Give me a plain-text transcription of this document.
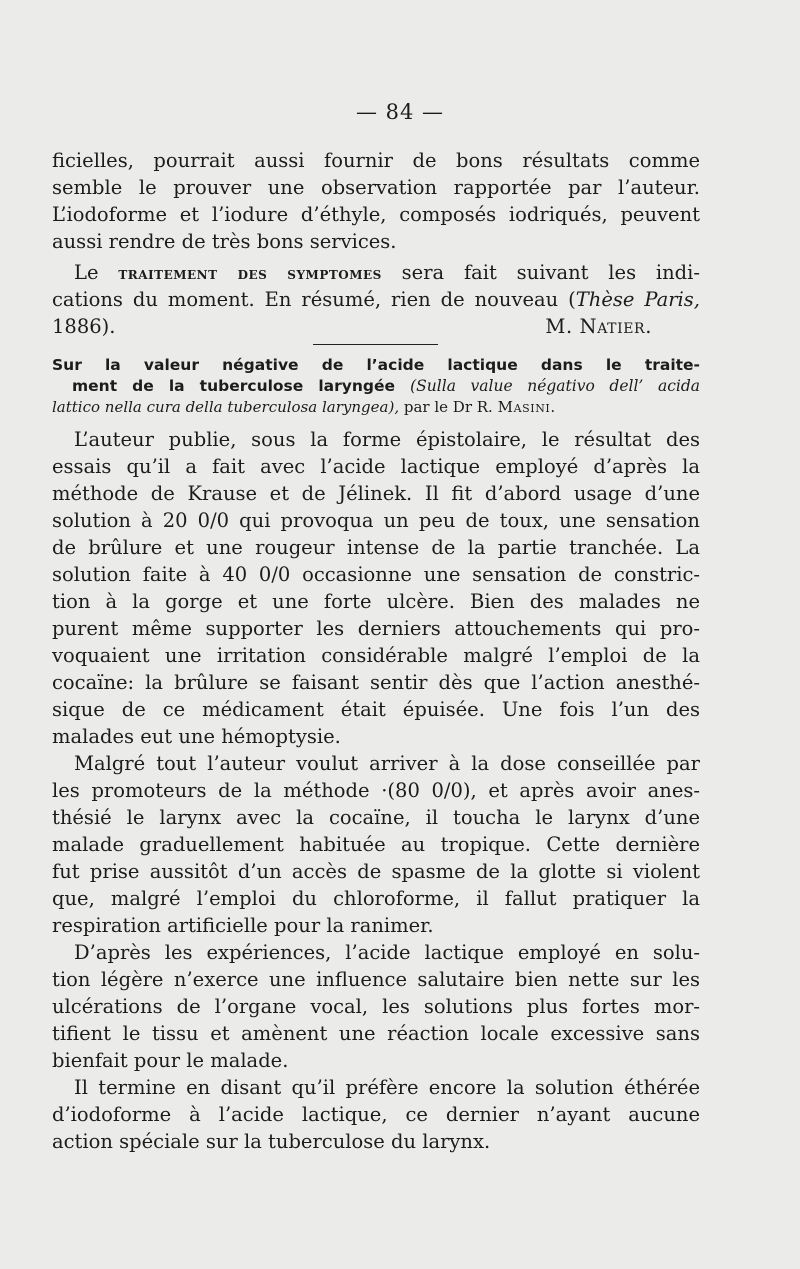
— 84 —
ficielles, pourrait aussi fournir de bons résultats comme
semble le prouver une observation rapportée par l’auteur.
L’iodoforme et l’iodure d’éthyle, composés iodriqués, peuvent
aussi rendre de très bons services.
Le traitement des symptomes sera fait suivant les indi-
cations du moment. En résumé, rien de nouveau (Thèse Paris,
1886).	M. Natier.
Sur la valeur négative de l’acide lactique dans le traite-
ment de la tuberculose laryngée (Sulla value négativo dell’ acida
lattico nella cura della tuberculosa laryngea), par le Dr R. Masini.
L’auteur publie, sous la forme épistolaire, le résultat des
essais qu’il a fait avec l’acide lactique employé d’après la
méthode de Krause et de Jélinek. Il fit d’abord usage d’une
solution à 20 0/0 qui provoqua un peu de toux, une sensation
de brûlure et une rougeur intense de la partie tranchée. La
solution faite à 40 0/0 occasionne une sensation de constric-
tion à la gorge et une forte ulcère. Bien des malades ne
purent même supporter les derniers attouchements qui pro-
voquaient une irritation considérable malgré l’emploi de la
cocaïne: la brûlure se faisant sentir dès que l’action anesthé-
sique de ce médicament était épuisée. Une fois l’un des
malades eut une hémoptysie.
Malgré tout l’auteur voulut arriver à la dose conseillée par
les promoteurs de la méthode ·(80 0/0), et après avoir anes-
thésié le larynx avec la cocaïne, il toucha le larynx d’une
malade graduellement habituée au tropique. Cette dernière
fut prise aussitôt d’un accès de spasme de la glotte si violent
que, malgré l’emploi du chloroforme, il fallut pratiquer la
respiration artificielle pour la ranimer.
D’après les expériences, l’acide lactique employé en solu-
tion légère n’exerce une influence salutaire bien nette sur les
ulcérations de l’organe vocal, les solutions plus fortes mor-
tifient le tissu et amènent une réaction locale excessive sans
bienfait pour le malade.
Il termine en disant qu’il préfère encore la solution éthérée
d’iodoforme à l’acide lactique, ce dernier n’ayant aucune
action spéciale sur la tuberculose du larynx.
